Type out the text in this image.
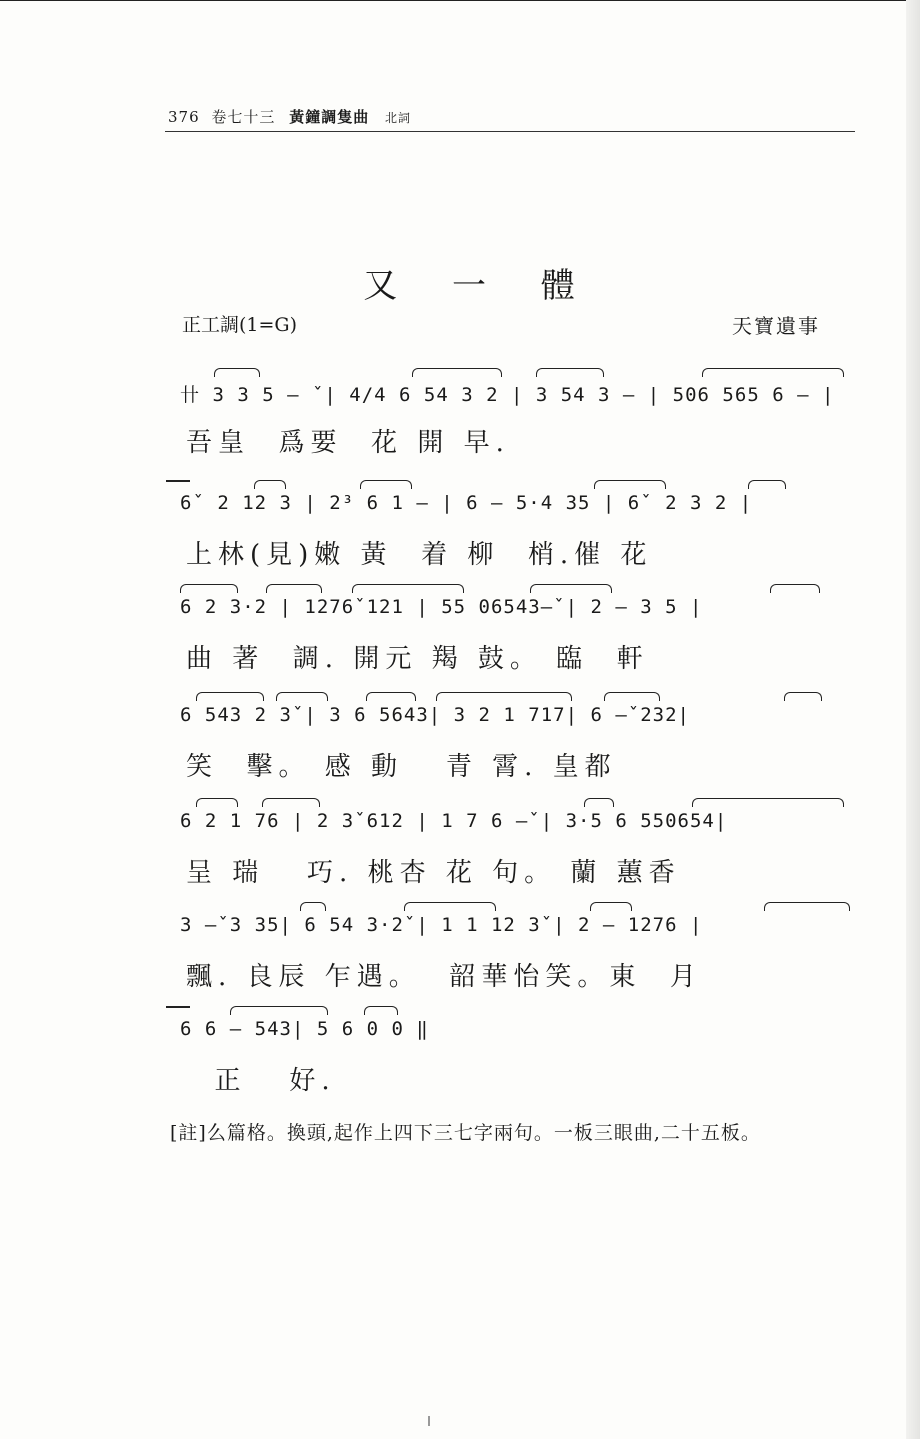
376 卷七十三 黃鐘調隻曲 北詞
又 一 體
正工調(1=G)	天寶遺事
卄 3 3 5 — ˇ| 4/4 6 54 3 2 | 3 54 3 — | 506 565 6 — |
吾皇  爲要  花 開 早.
6ˇ 2 12 3 | 2³ 6 1 — | 6 — 5·4 35 | 6ˇ 2 3 2 |
上林(見)嫩 黃  着 柳  梢.催 花
6 2 3·2 | 1276ˇ121 | 55 06543—ˇ| 2 — 3 5 |
曲 著  調. 開元 羯 鼓。 臨  軒
6 543 2 3ˇ| 3 6 5643| 3 2 1 717| 6 —ˇ232|
笑  擊。 感 動   青 霄. 皇都
6 2 1 76 | 2 3ˇ612 | 1 7 6 —ˇ| 3·5 6 550654|
呈 瑞   巧. 桃杏 花 句。 蘭 蕙香
3 —ˇ3 35| 6 54 3·2ˇ| 1 1 12 3ˇ| 2 — 1276 |
飄. 良辰 乍遇。  韶華怡笑。東  月
6 6 — 543| 5 6 0 0 ‖
正   好.
[註]么篇格。換頭,起作上四下三七字兩句。一板三眼曲,二十五板。
